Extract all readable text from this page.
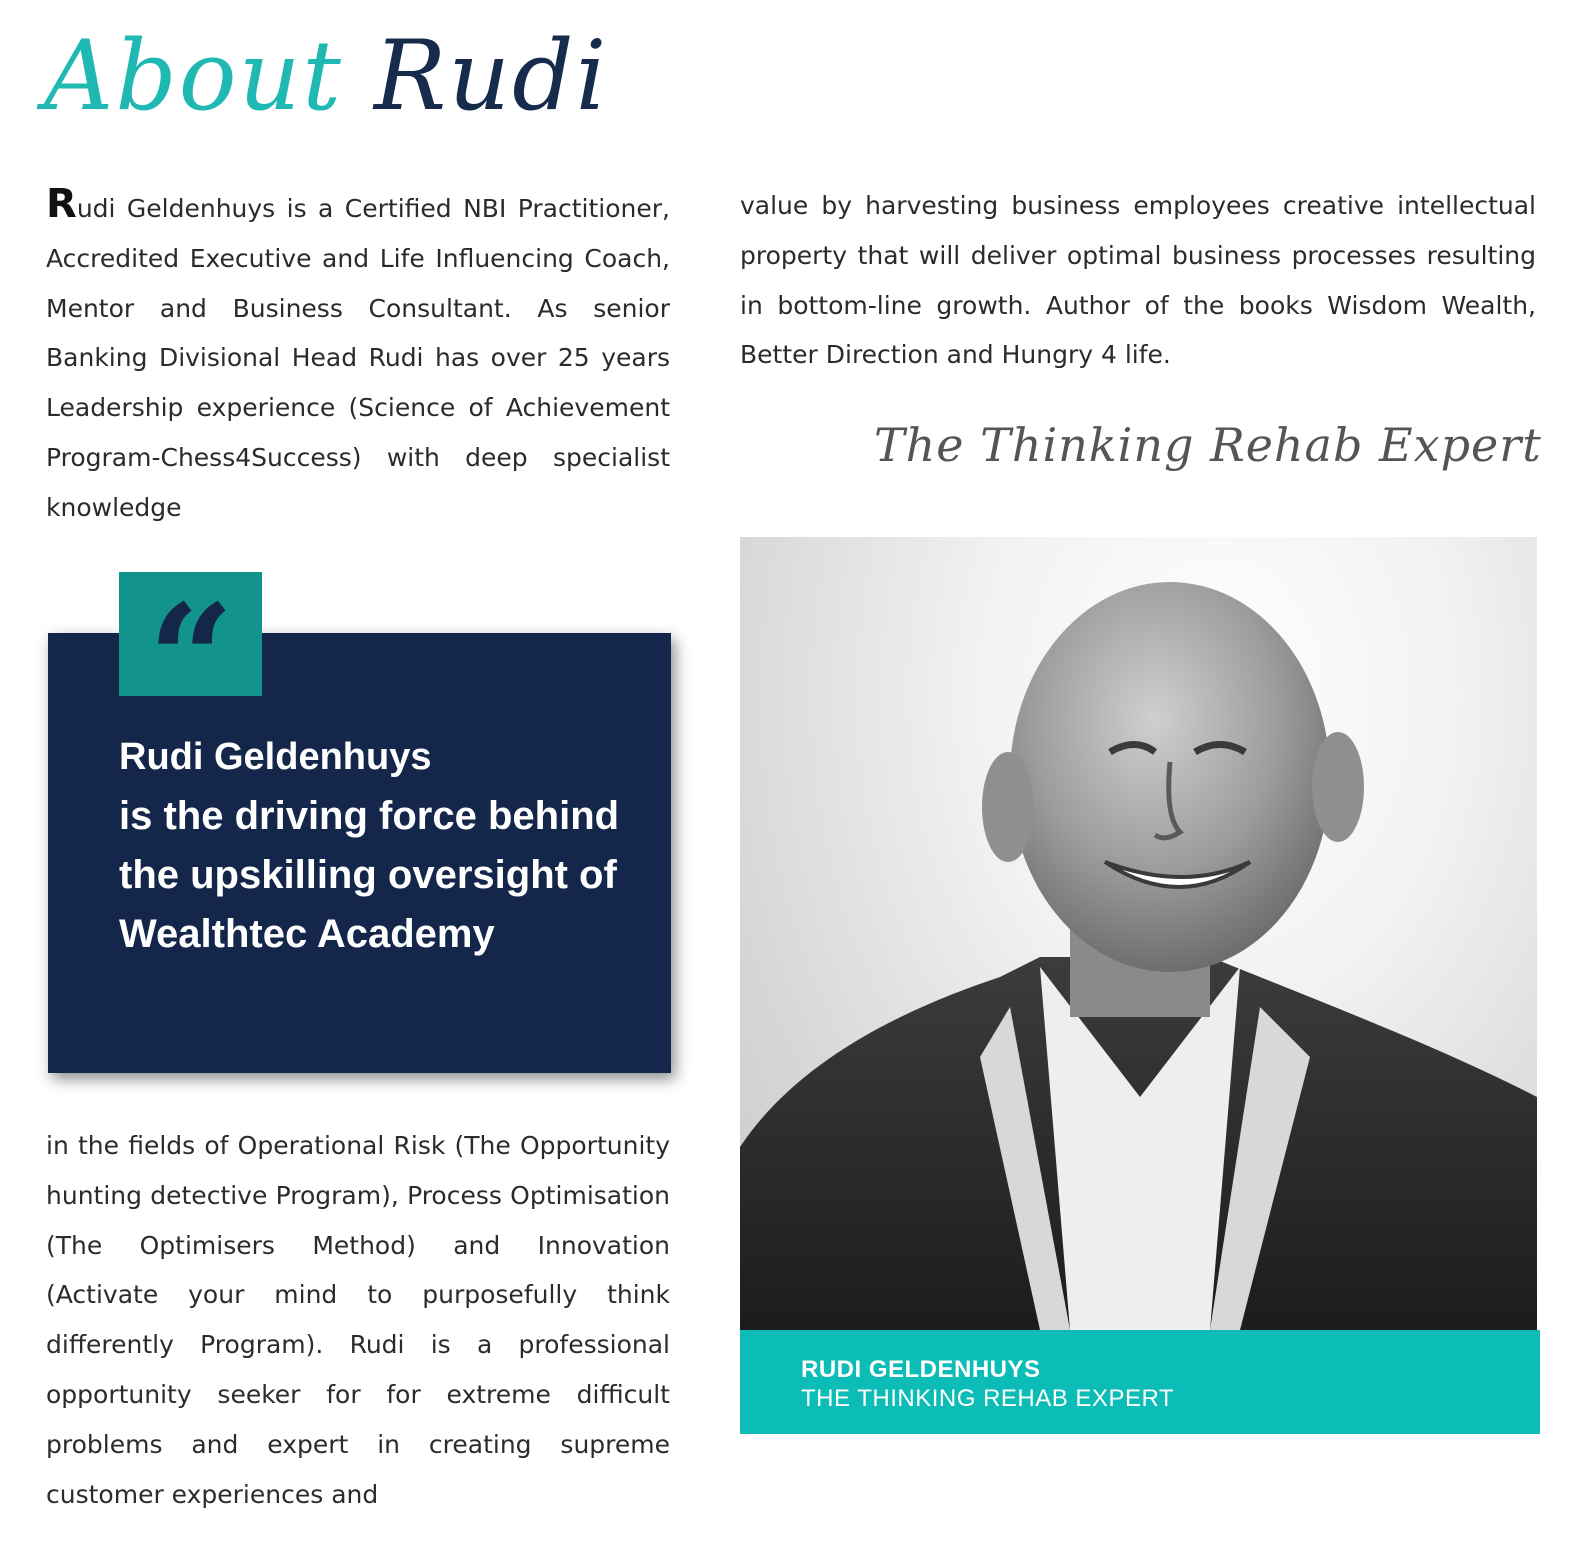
About Rudi

Rudi Geldenhuys is a Certified NBI Practitioner, Accredited Executive and Life Influencing Coach, Mentor and Business Consultant. As senior Banking Divisional Head Rudi has over 25 years Leadership experience (Science of Achievement Program-Chess4Success) with deep specialist knowledge

“
Rudi Geldenhuys
is the driving force behind the upskilling oversight of Wealthtec Academy

in the fields of Operational Risk (The Opportunity hunting detective Program), Process Optimisation (The Optimisers Method) and Innovation (Activate your mind to purposefully think differently Program). Rudi is a professional opportunity seeker for for extreme difficult problems and expert in creating supreme customer experiences and

value by harvesting business employees creative intellectual property that will deliver optimal business processes resulting in bottom-line growth. Author of the books Wisdom Wealth, Better Direction and Hungry 4 life.

The Thinking Rehab Expert
RUDI GELDENHUYS
THE THINKING REHAB EXPERT
